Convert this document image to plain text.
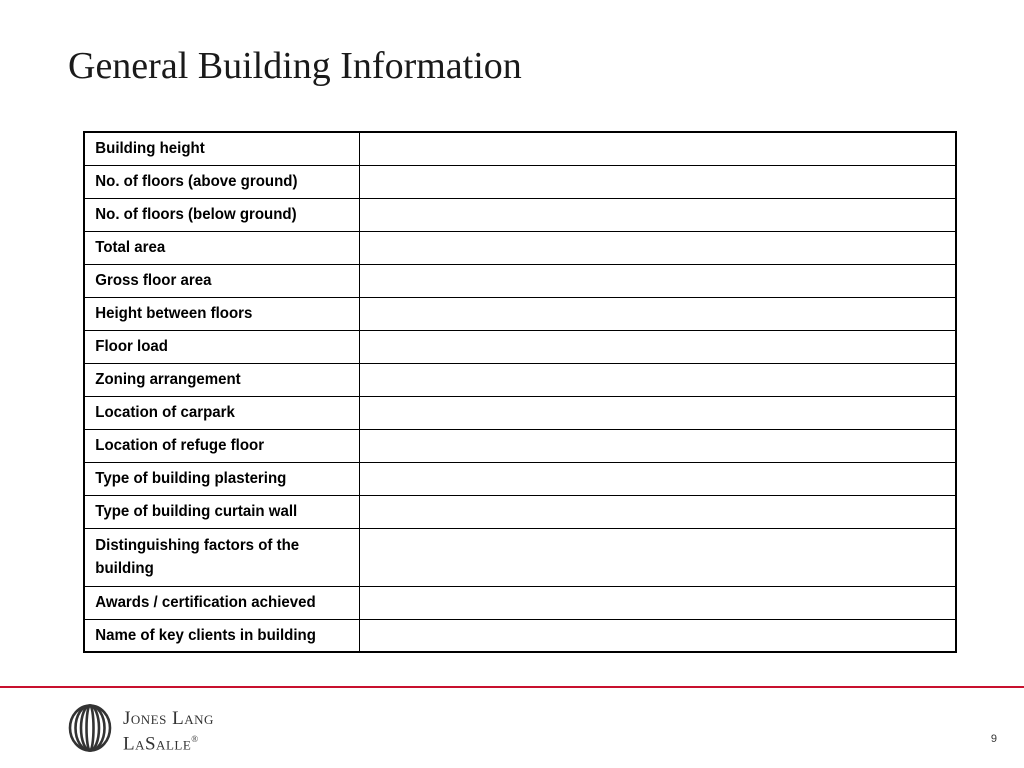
General Building Information
Building height	
No. of floors (above ground)	
No. of floors (below ground)	
Total area	
Gross floor area	
Height between floors	
Floor load	
Zoning arrangement	
Location of carpark	
Location of refuge floor	
Type of building plastering	
Type of building curtain wall	
Distinguishing factors of the building	
Awards / certification achieved	
Name of key clients in building	
Jones Lang
LaSalle®	9
